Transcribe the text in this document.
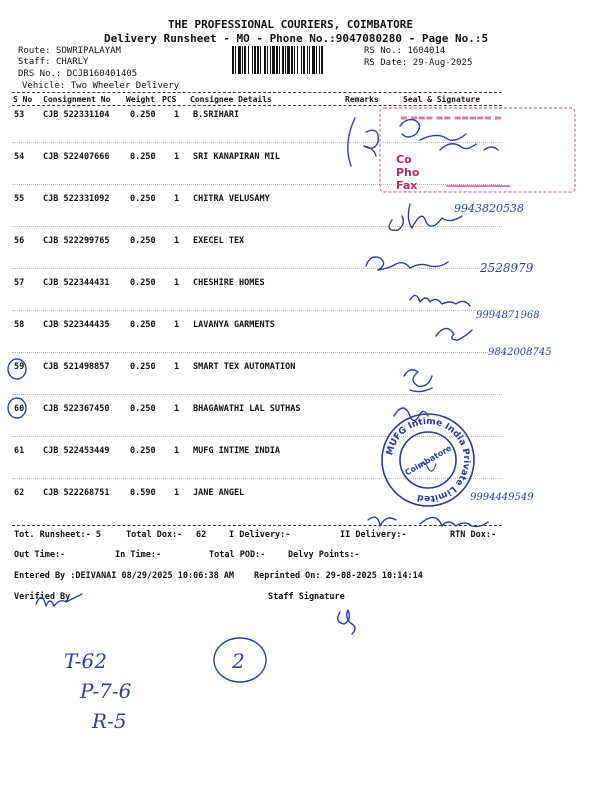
THE PROFESSIONAL COURIERS, COIMBATORE
Delivery Runsheet - MO - Phone No.:9047080280 - Page No.:5
Route: SOWRIPALAYAM
Staff: CHARLY
DRS No.: DCJB160401405
Vehicle: Two Wheeler Delivery
RS No.: 1604014
RS Date: 29-Aug-2025
S No Consignment No Weight PCS Consignee Details	Remarks	Seal & Signature
53 CJB 522331104 0.250 1 B.SRIHARI
54 CJB 522407666 0.250 1 SRI KANAPIRAN MIL
55 CJB 522331092 0.250 1 CHITRA VELUSAMY
56 CJB 522299765 0.250 1 EXECEL TEX
57 CJB 522344431 0.250 1 CHESHIRE HOMES
58 CJB 522344435 0.250 1 LAVANYA GARMENTS
59 CJB 521498857 0.250 1 SMART TEX AUTOMATION
60 CJB 522367450 0.250 1 BHAGAWATHI LAL SUTHAS
61 CJB 522453449 0.250 1 MUFG INTIME INDIA
62 CJB 522268751 0.590 1 JANE ANGEL
Tot. Runsheet:- 5	Total Dox:- 62	I Delivery:-	II Delivery:-	RTN Dox:-
Out Time:-	In Time:-	Total POD:-	Delvy Points:-
Entered By :DEIVANAI 08/29/2025 10:06:38 AM Reprinted On: 29-08-2025 10:14:14
Verified By	Staff Signature
▬ ▬▬▬ ▬▬ ▬▬▬▬▬ ▬
Co
Pho
Fax
MUFG Intime India Private Limited
Coimbatore
9943820538
2528979
9994871968
9842008745
9994449549
T-62
P-7-6
R-5
2
